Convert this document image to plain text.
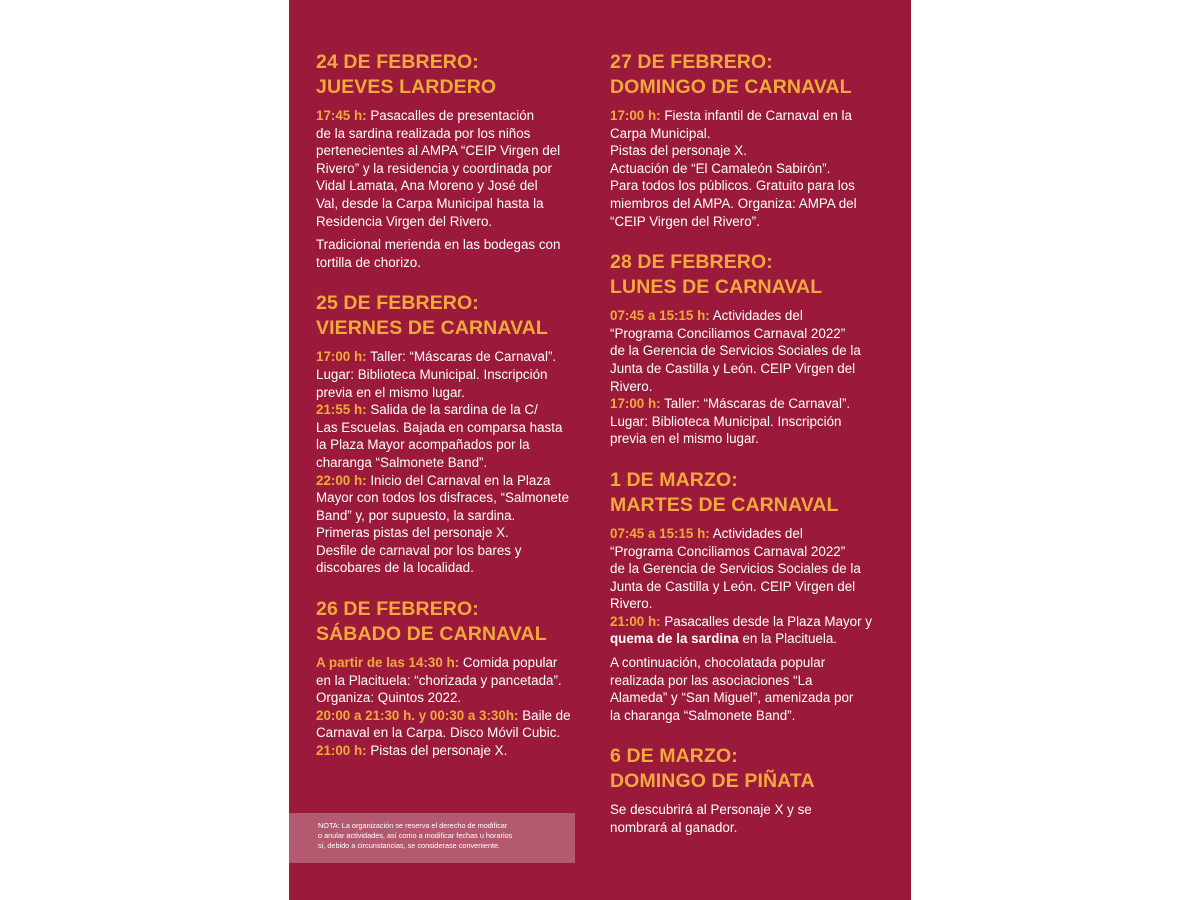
24 DE FEBRERO:
JUEVES LARDERO

17:45 h: Pasacalles de presentación
de la sardina realizada por los niños
pertenecientes al AMPA “CEIP Virgen del
Rivero” y la residencia y coordinada por
Vidal Lamata, Ana Moreno y José del
Val, desde la Carpa Municipal hasta la
Residencia Virgen del Rivero.

Tradicional merienda en las bodegas con
tortilla de chorizo.

25 DE FEBRERO:
VIERNES DE CARNAVAL

17:00 h: Taller: “Máscaras de Carnaval”.
Lugar: Biblioteca Municipal. Inscripción
previa en el mismo lugar.

21:55 h: Salida de la sardina de la C/
Las Escuelas. Bajada en comparsa hasta
la Plaza Mayor acompañados por la
charanga “Salmonete Band”.

22:00 h: Inicio del Carnaval en la Plaza
Mayor con todos los disfraces, “Salmonete
Band” y, por supuesto, la sardina.
Primeras pistas del personaje X.
Desfile de carnaval por los bares y
discobares de la localidad.

26 DE FEBRERO:
SÁBADO DE CARNAVAL

A partir de las 14:30 h: Comida popular
en la Placituela: “chorizada y pancetada”.
Organiza: Quintos 2022.

20:00 a 21:30 h. y 00:30 a 3:30h: Baile de
Carnaval en la Carpa. Disco Móvil Cubic.

21:00 h: Pistas del personaje X.

27 DE FEBRERO:
DOMINGO DE CARNAVAL

17:00 h: Fiesta infantil de Carnaval en la
Carpa Municipal.
Pistas del personaje X.
Actuación de “El Camaleón Sabirón”.
Para todos los públicos. Gratuito para los
miembros del AMPA. Organiza: AMPA del
“CEIP Virgen del Rivero”.

28 DE FEBRERO:
LUNES DE CARNAVAL

07:45 a 15:15 h: Actividades del
“Programa Conciliamos Carnaval 2022”
de la Gerencia de Servicios Sociales de la
Junta de Castilla y León. CEIP Virgen del
Rivero.

17:00 h: Taller: “Máscaras de Carnaval”.
Lugar: Biblioteca Municipal. Inscripción
previa en el mismo lugar.

1 DE MARZO:
MARTES DE CARNAVAL

07:45 a 15:15 h: Actividades del
“Programa Conciliamos Carnaval 2022”
de la Gerencia de Servicios Sociales de la
Junta de Castilla y León. CEIP Virgen del
Rivero.

21:00 h: Pasacalles desde la Plaza Mayor y
quema de la sardina en la Placituela.

A continuación, chocolatada popular
realizada por las asociaciones “La
Alameda” y “San Miguel”, amenizada por
la charanga “Salmonete Band”.

6 DE MARZO:
DOMINGO DE PIÑATA

Se descubrirá al Personaje X y se
nombrará al ganador.

NOTA: La organización se reserva el derecho de modificar
o anular actividades, así como a modificar fechas u horarios
si, debido a circunstancias, se considerase conveniente.
